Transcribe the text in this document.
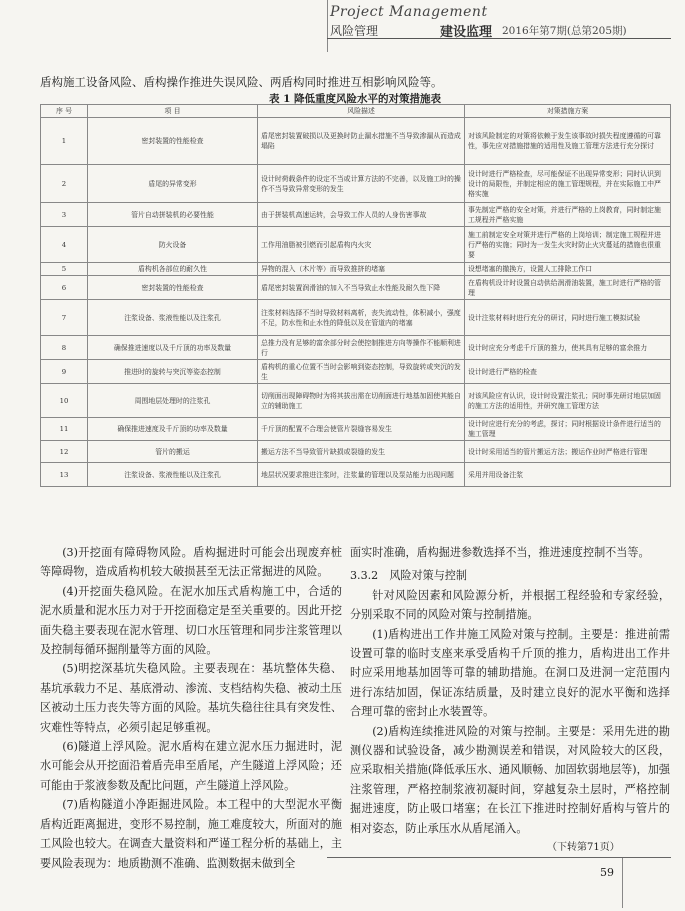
Project Management
风险管理	建设监理 2016年第7期(总第205期)
盾构施工设备风险、盾构操作推进失误风险、两盾构同时推进互相影响风险等。
表 1 降低重度风险水平的对策措施表
序 号	项 目	风险描述	对策措施方案
1	密封装置的性能检查	盾尾密封装置破损以及更换时防止漏水措施不当导致渗漏从而造成塌陷	对该风险制定的对策将依赖于发生该事故时损失程度遵循的可靠性，事先应对措施措施的适用性及施工管理方法进行充分探讨
2	盾尾的异常变形	设计时荷载条件的设定不当或计算方法的不完善，以及施工时的操作不当导致异常变形的发生	设计时进行严格检查，尽可能保证不出现异常变形；同时认识到设计的局限性，并制定相应的施工管理规程，并在实际施工中严格实施
3	管片自动拼装机的必要性能	由于拼装机高速运转，会导致工作人员的人身伤害事故	事先制定严格的安全对策，并进行严格的上岗教育，同时制定施工规程并严格实施
4	防火设备	工作用油脂被引燃而引起盾构内火灾	施工前制定安全对策并进行严格的上岗培训；制定施工规程并进行严格的实施；同时为一发生火灾时防止火灾蔓延的措施也很重要
5	盾构机各部位的耐久性	异物的混入（木片等）而导致推挤的堵塞	设想堵塞的撤换方，设置人工排除工作口
6	密封装置的性能检查	盾尾密封装置润滑油的加入不当导致止水性能及耐久性下降	在盾构机设计时设置自动供给润滑油装置，施工时进行严格的管理
7	注浆设备、浆液性能以及注浆孔	注浆材料选择不当时导致材料离析，丧失流动性，体积减小，强度不足，防水性和止水性的降低以及在管道内的堵塞	设计注浆材料时进行充分的研讨，同时进行施工模拟试验
8	确保推进速度以及千斤顶的功率及数量	总推力没有足够的富余部分时会使控制推进方向等操作不能顺利进行	设计时应充分考虑千斤顶的推力，使其具有足够的富余推力
9	推进时的旋转与突沉等姿态控制	盾构机的重心位置不当时会影响到姿态控制，导致旋转或突沉的发生	设计时进行严格的检查
10	周围地层处理时的注浆孔	切削面出现障碍物时为将其拔出需在切削面进行地基加固使其能自立的辅助施工	对该风险应有认识，设计时设置注浆孔；同时事先研讨地层加固的施工方法的适用性，并研究施工管理方法
11	确保推进速度及千斤顶的功率及数量	千斤顶的配置不合理会使管片裂缝容易发生	设计时应进行充分的考虑，探讨；同时根据设计条件进行适当的施工管理
12	管片的搬运	搬运方法不当导致管片缺损或裂缝的发生	设计时采用适当的管片搬运方法；搬运作业时严格进行管理
13	注浆设备、浆液性能以及注浆孔	地层状况要求推进注浆时，注浆量的管理以及泵站能力出现问题	采用并用设备注浆

(3)开挖面有障碍物风险。盾构掘进时可能会出现废弃桩等障碍物，造成盾构机较大破损甚至无法正常掘进的风险。

(4)开挖面失稳风险。在泥水加压式盾构施工中，合适的泥水质量和泥水压力对于开挖面稳定是至关重要的。因此开挖面失稳主要表现在泥水管理、切口水压管理和同步注浆管理以及控制每循环掘削量等方面的风险。

(5)明挖深基坑失稳风险。主要表现在：基坑整体失稳、基坑承载力不足、基底滑动、渗流、支档结构失稳、被动土压区被动土压力丧失等方面的风险。基坑失稳往往具有突发性、灾难性等特点，必须引起足够重视。

(6)隧道上浮风险。泥水盾构在建立泥水压力掘进时，泥水可能会从开挖面沿着盾壳串至盾尾，产生隧道上浮风险；还可能由于浆液参数及配比问题，产生隧道上浮风险。

(7)盾构隧道小净距掘进风险。本工程中的大型泥水平衡盾构近距离掘进，变形不易控制，施工难度较大，所面对的施工风险也较大。在调查大量资料和严谨工程分析的基础上，主要风险表现为：地质勘测不准确、监测数据未做到全

面实时准确，盾构掘进参数选择不当，推进速度控制不当等。

3.3.2　风险对策与控制

针对风险因素和风险源分析，并根据工程经验和专家经验，分别采取不同的风险对策与控制措施。

(1)盾构进出工作井施工风险对策与控制。主要是：推进前需设置可靠的临时支座来承受盾构千斤顶的推力，盾构进出工作井时应采用地基加固等可靠的辅助措施。在洞口及进洞一定范围内进行冻结加固，保证冻结质量，及时建立良好的泥水平衡和选择合理可靠的密封止水装置等。

(2)盾构连续推进风险的对策与控制。主要是：采用先进的勘测仪器和试验设备，减少勘测误差和错误，对风险较大的区段，应采取相关措施(降低承压水、通风顺畅、加固软弱地层等)，加强注浆管理，严格控制浆液初凝时间，穿越复杂土层时，严格控制掘进速度，防止吸口堵塞；在长江下推进时控制好盾构与管片的相对姿态，防止承压水从盾尾涌入。

（下转第71页）
59
